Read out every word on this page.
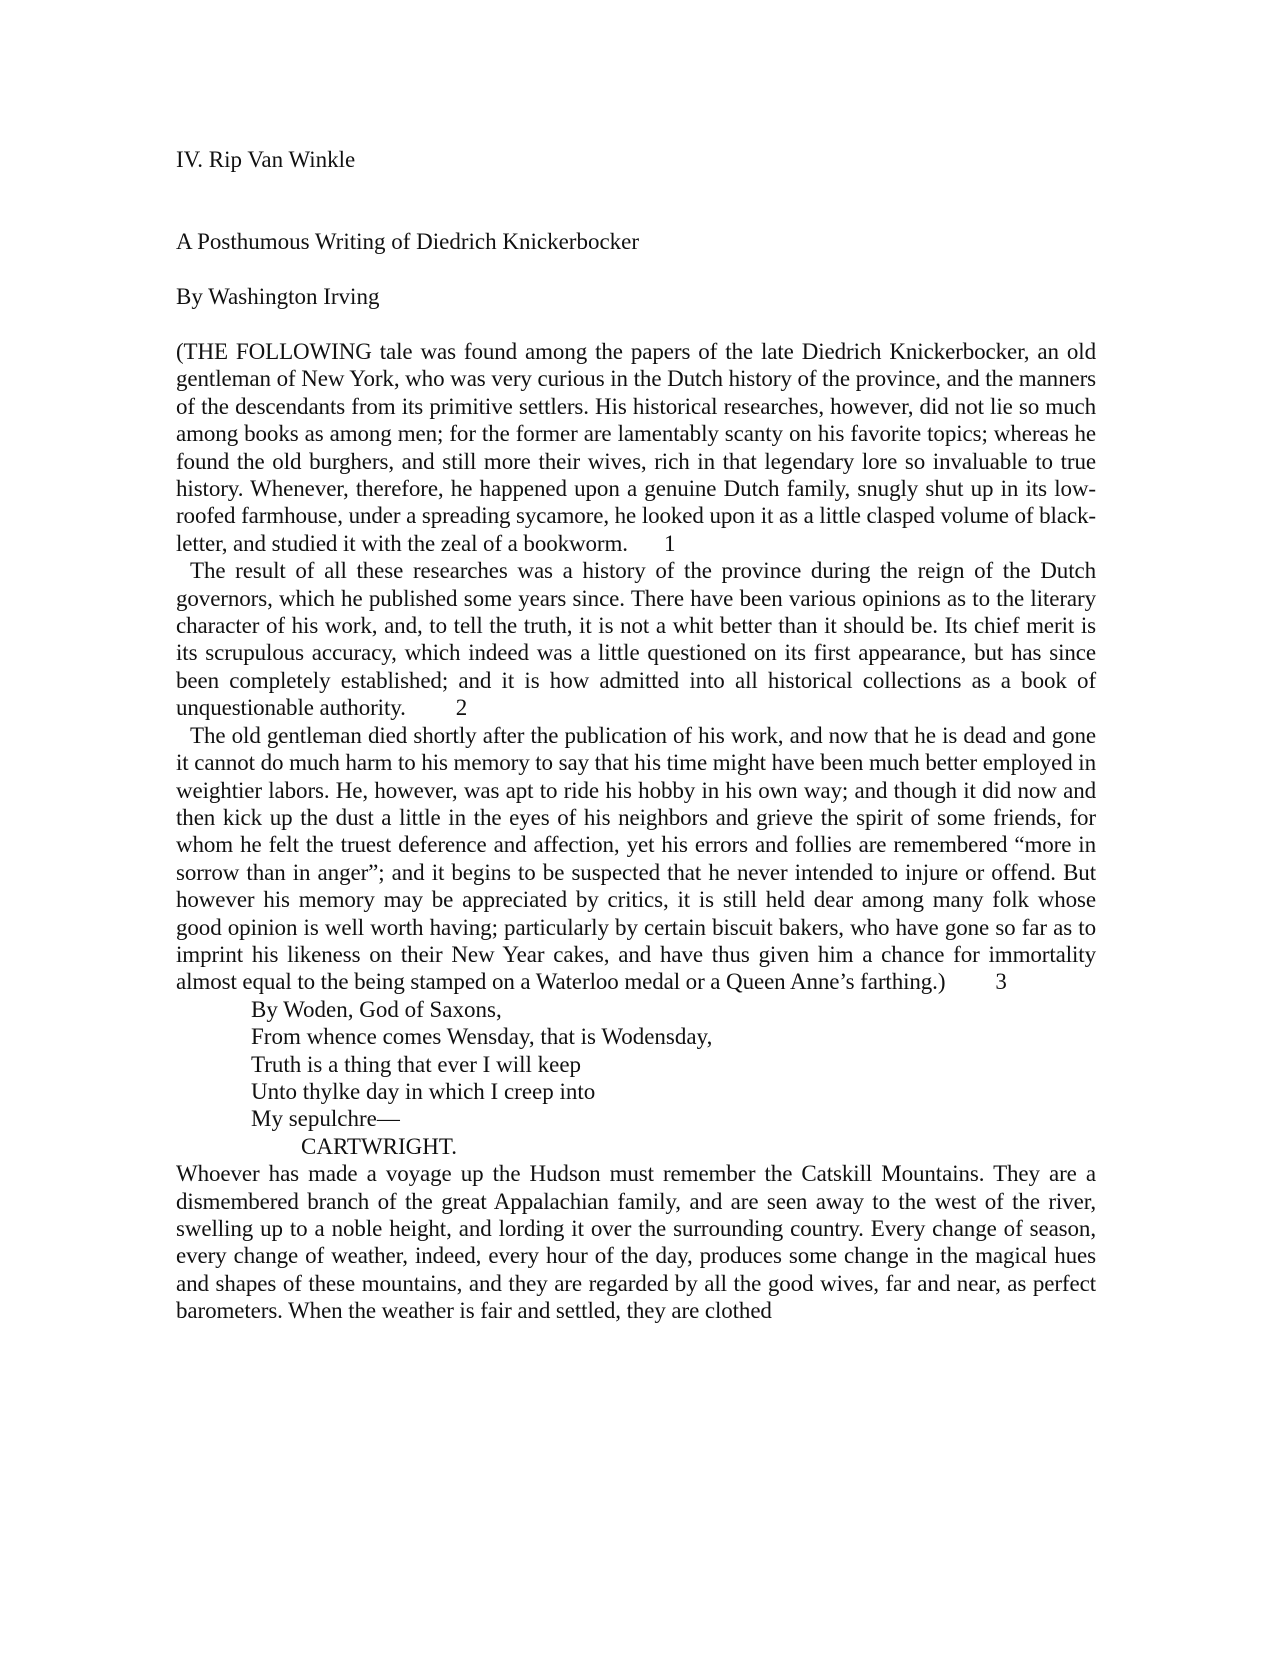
IV. Rip Van Winkle
A Posthumous Writing of Diedrich Knickerbocker
By Washington Irving

(THE FOLLOWING tale was found among the papers of the late Diedrich Knickerbocker, an old gentleman of New York, who was very curious in the Dutch history of the province, and the manners of the descendants from its primitive settlers. His historical researches, however, did not lie so much among books as among men; for the former are lamentably scanty on his favorite topics; whereas he found the old burghers, and still more their wives, rich in that legendary lore so invaluable to true history. Whenever, therefore, he happened upon a genuine Dutch family, snugly shut up in its low-roofed farmhouse, under a spreading sycamore, he looked upon it as a little clasped volume of black-letter, and studied it with the zeal of a bookworm. 1

The result of all these researches was a history of the province during the reign of the Dutch governors, which he published some years since. There have been various opinions as to the literary character of his work, and, to tell the truth, it is not a whit better than it should be. Its chief merit is its scrupulous accuracy, which indeed was a little questioned on its first appearance, but has since been completely established; and it is how admitted into all historical collections as a book of unquestionable authority. 2

The old gentleman died shortly after the publication of his work, and now that he is dead and gone it cannot do much harm to his memory to say that his time might have been much better employed in weightier labors. He, however, was apt to ride his hobby in his own way; and though it did now and then kick up the dust a little in the eyes of his neighbors and grieve the spirit of some friends, for whom he felt the truest deference and affection, yet his errors and follies are remembered “more in sorrow than in anger”; and it begins to be suspected that he never intended to injure or offend. But however his memory may be appreciated by critics, it is still held dear among many folk whose good opinion is well worth having; particularly by certain biscuit bakers, who have gone so far as to imprint his likeness on their New Year cakes, and have thus given him a chance for immortality almost equal to the being stamped on a Waterloo medal or a Queen Anne’s farthing.) 3

By Woden, God of Saxons,
From whence comes Wensday, that is Wodensday,
Truth is a thing that ever I will keep
Unto thylke day in which I creep into
My sepulchre—
CARTWRIGHT.

Whoever has made a voyage up the Hudson must remember the Catskill Mountains. They are a dismembered branch of the great Appalachian family, and are seen away to the west of the river, swelling up to a noble height, and lording it over the surrounding country. Every change of season, every change of weather, indeed, every hour of the day, produces some change in the magical hues and shapes of these mountains, and they are regarded by all the good wives, far and near, as perfect barometers. When the weather is fair and settled, they are clothed
